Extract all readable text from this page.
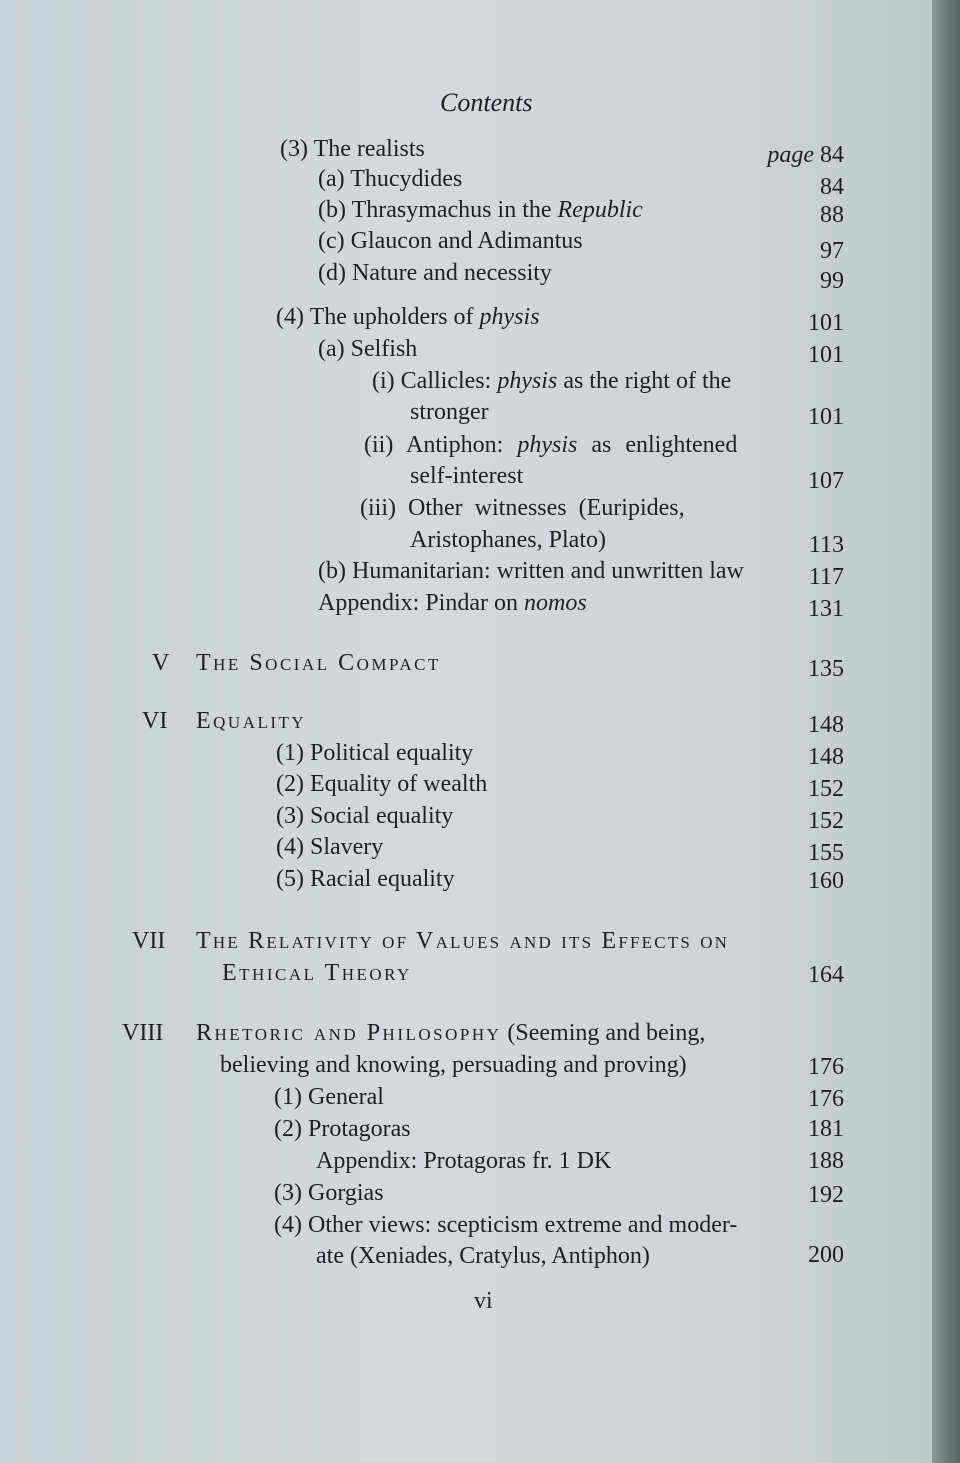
Contents
(3) The realists	page 84
(a) Thucydides	84
(b) Thrasymachus in the Republic	88
(c) Glaucon and Adimantus	97
(d) Nature and necessity	99
(4) The upholders of physis	101
(a) Selfish	101
(i) Callicles: physis as the right of the
stronger	101
(ii) Antiphon: physis as enlightened
self-interest	107
(iii) Other witnesses (Euripides,
Aristophanes, Plato)	113
(b) Humanitarian: written and unwritten law	117
Appendix: Pindar on nomos	131
V The Social Compact	135
VI Equality	148
(1) Political equality	148
(2) Equality of wealth	152
(3) Social equality	152
(4) Slavery	155
(5) Racial equality	160
VII The Relativity of Values and its Effects on
Ethical Theory	164
VIII Rhetoric and Philosophy (Seeming and being,
believing and knowing, persuading and proving)	176
(1) General	176
(2) Protagoras	181
Appendix: Protagoras fr. 1 DK	188
(3) Gorgias	192
(4) Other views: scepticism extreme and moder-
ate (Xeniades, Cratylus, Antiphon)	200
vi
